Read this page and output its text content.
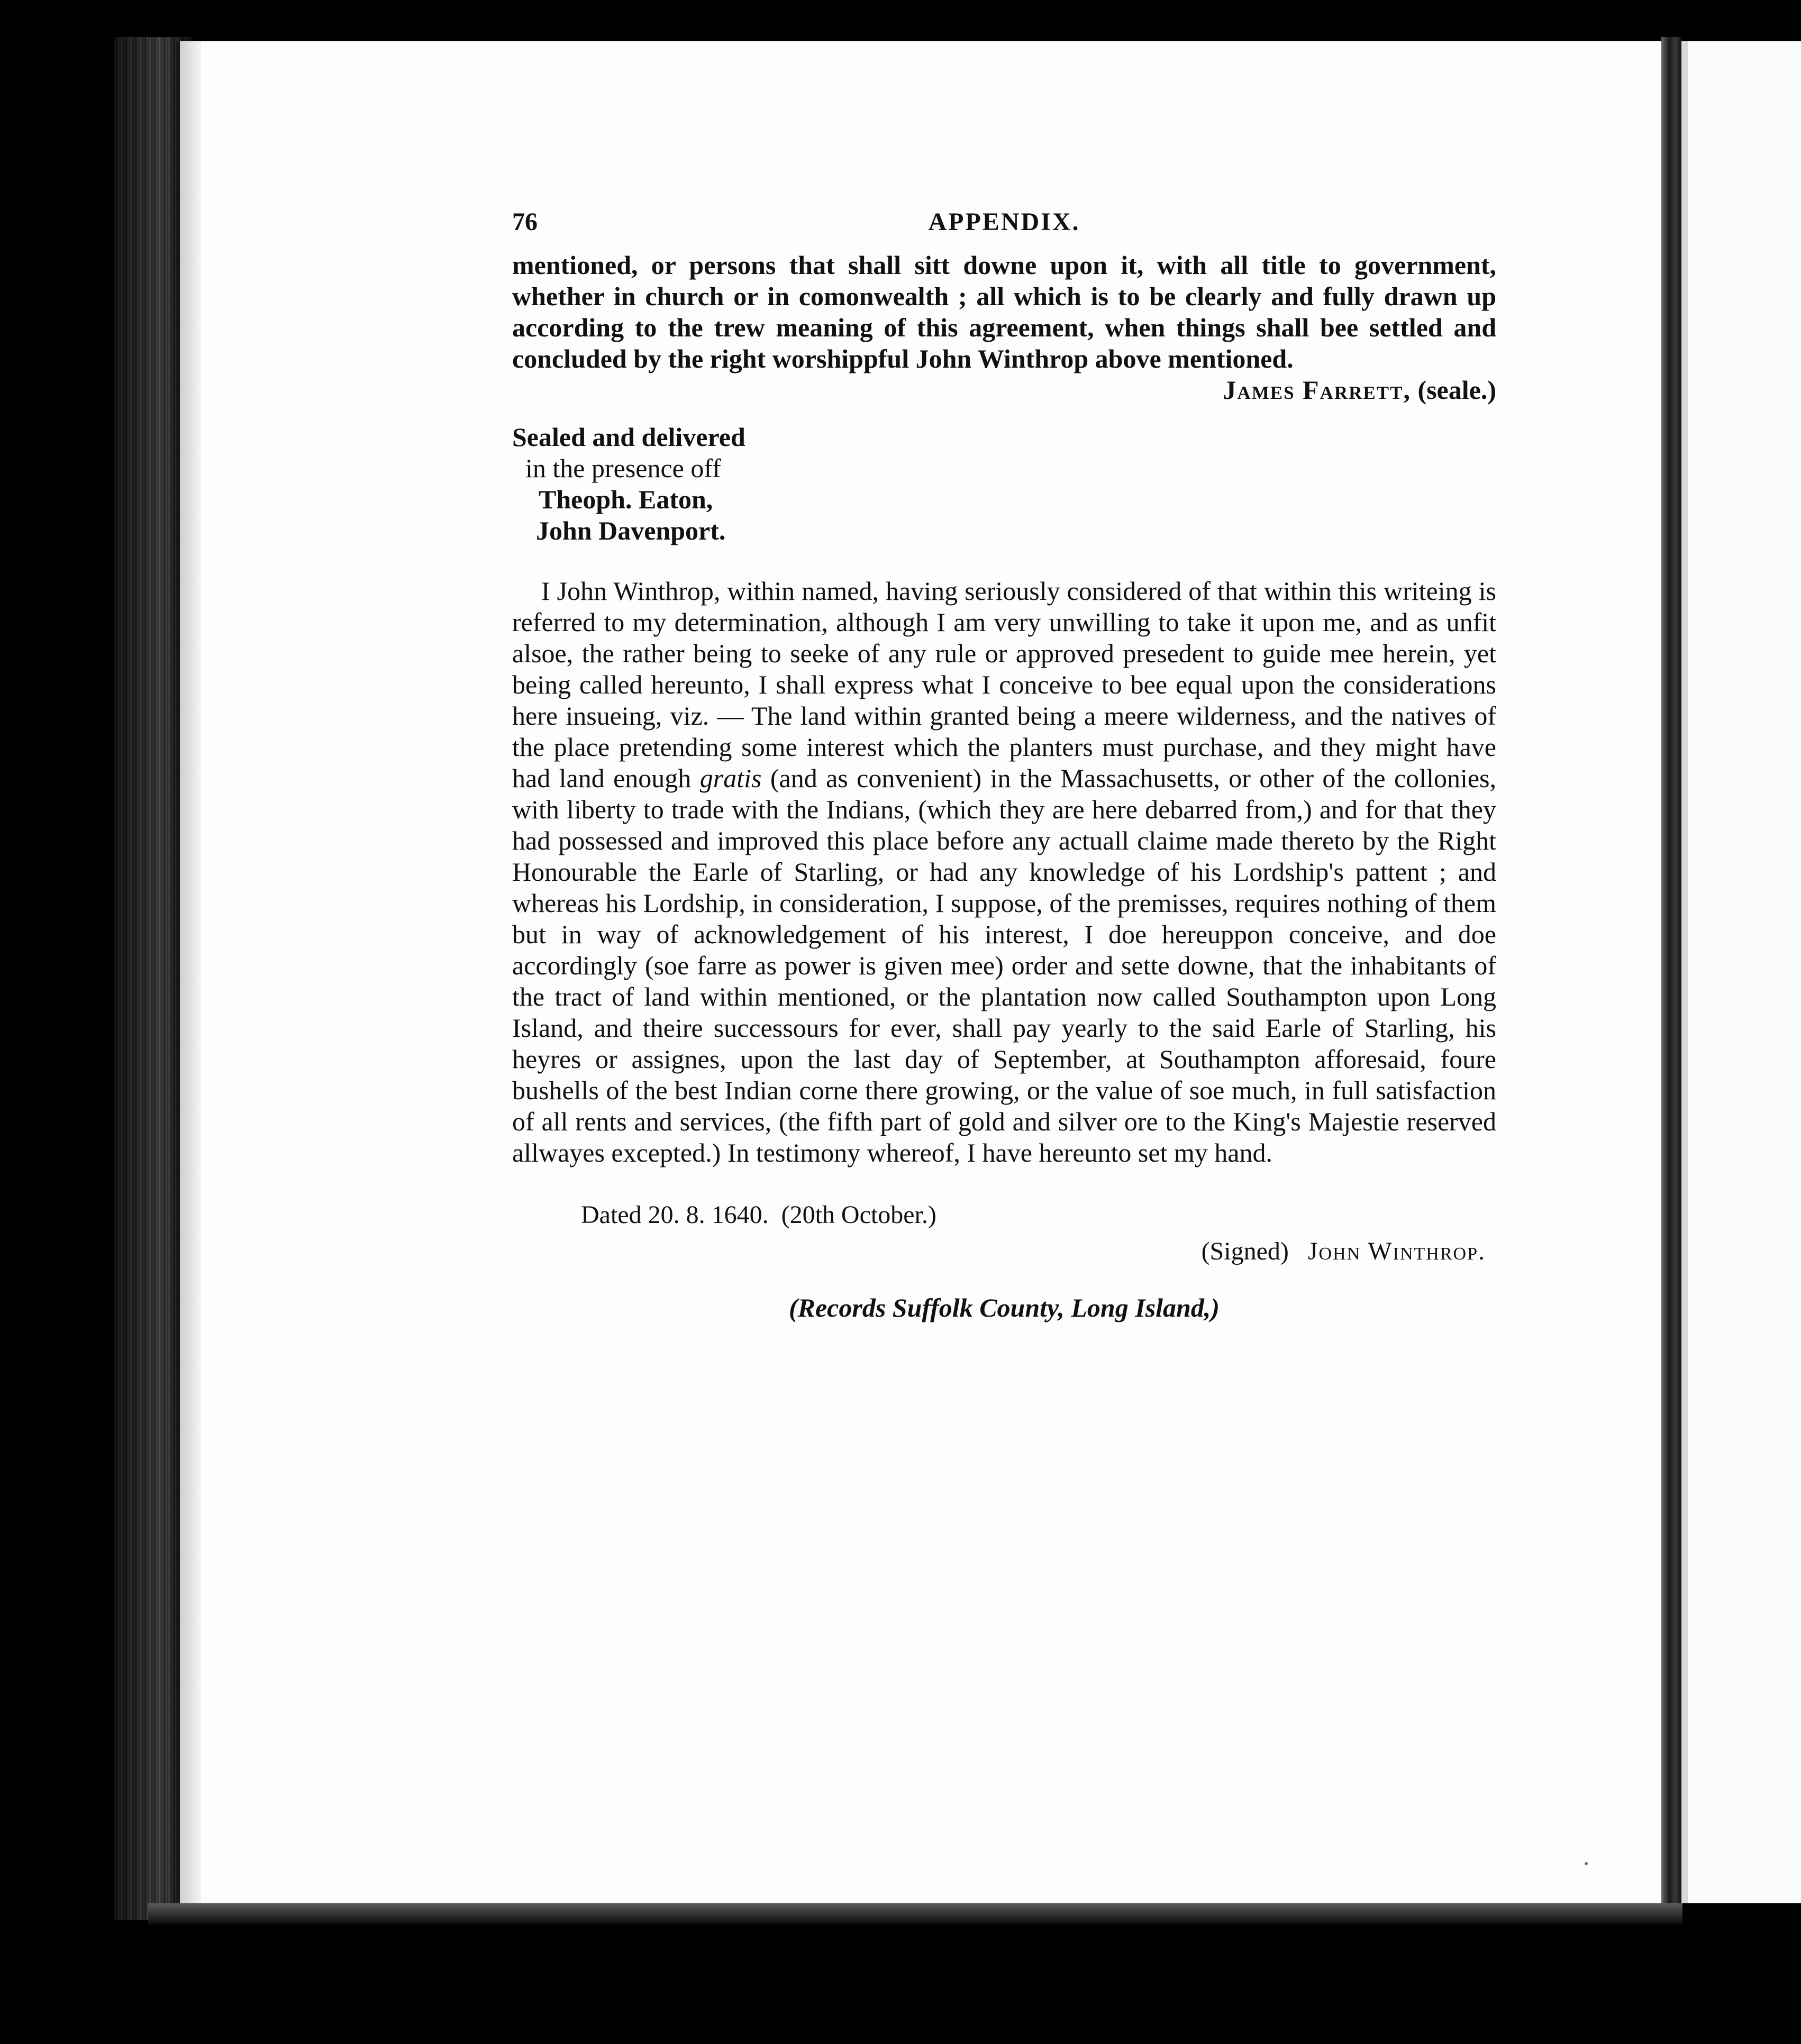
76	APPENDIX.

mentioned, or persons that shall sitt downe upon it, with all title to government, whether in church or in comonwealth ; all which is to be clearly and fully drawn up according to the trew meaning of this agreement, when things shall bee settled and concluded by the right worshippful John Winthrop above mentioned.

James Farrett, (seale.)

Sealed and delivered

in the presence off

Theoph. Eaton,

John Davenport.

I John Winthrop, within named, having seriously considered of that within this writeing is referred to my determination, although I am very unwilling to take it upon me, and as unfit alsoe, the rather being to seeke of any rule or approved presedent to guide mee herein, yet being called hereunto, I shall express what I conceive to bee equal upon the considerations here insueing, viz. — The land within granted being a meere wilderness, and the natives of the place pretending some interest which the planters must purchase, and they might have had land enough gratis (and as convenient) in the Massachusetts, or other of the collonies, with liberty to trade with the Indians, (which they are here debarred from,) and for that they had possessed and improved this place before any actuall claime made thereto by the Right Honourable the Earle of Starling, or had any knowledge of his Lordship's pattent ; and whereas his Lordship, in consideration, I suppose, of the premisses, requires nothing of them but in way of acknowledgement of his interest, I doe hereuppon conceive, and doe accordingly (soe farre as power is given mee) order and sette downe, that the inhabitants of the tract of land within mentioned, or the plantation now called Southampton upon Long Island, and theire successours for ever, shall pay yearly to the said Earle of Starling, his heyres or assignes, upon the last day of September, at Southampton afforesaid, foure bushells of the best Indian corne there growing, or the value of soe much, in full satisfaction of all rents and services, (the fifth part of gold and silver ore to the King's Majestie reserved allwayes excepted.) In testimony whereof, I have hereunto set my hand.

Dated 20. 8. 1640. (20th October.)

(Signed) John Winthrop.

(Records Suffolk County, Long Island,)
